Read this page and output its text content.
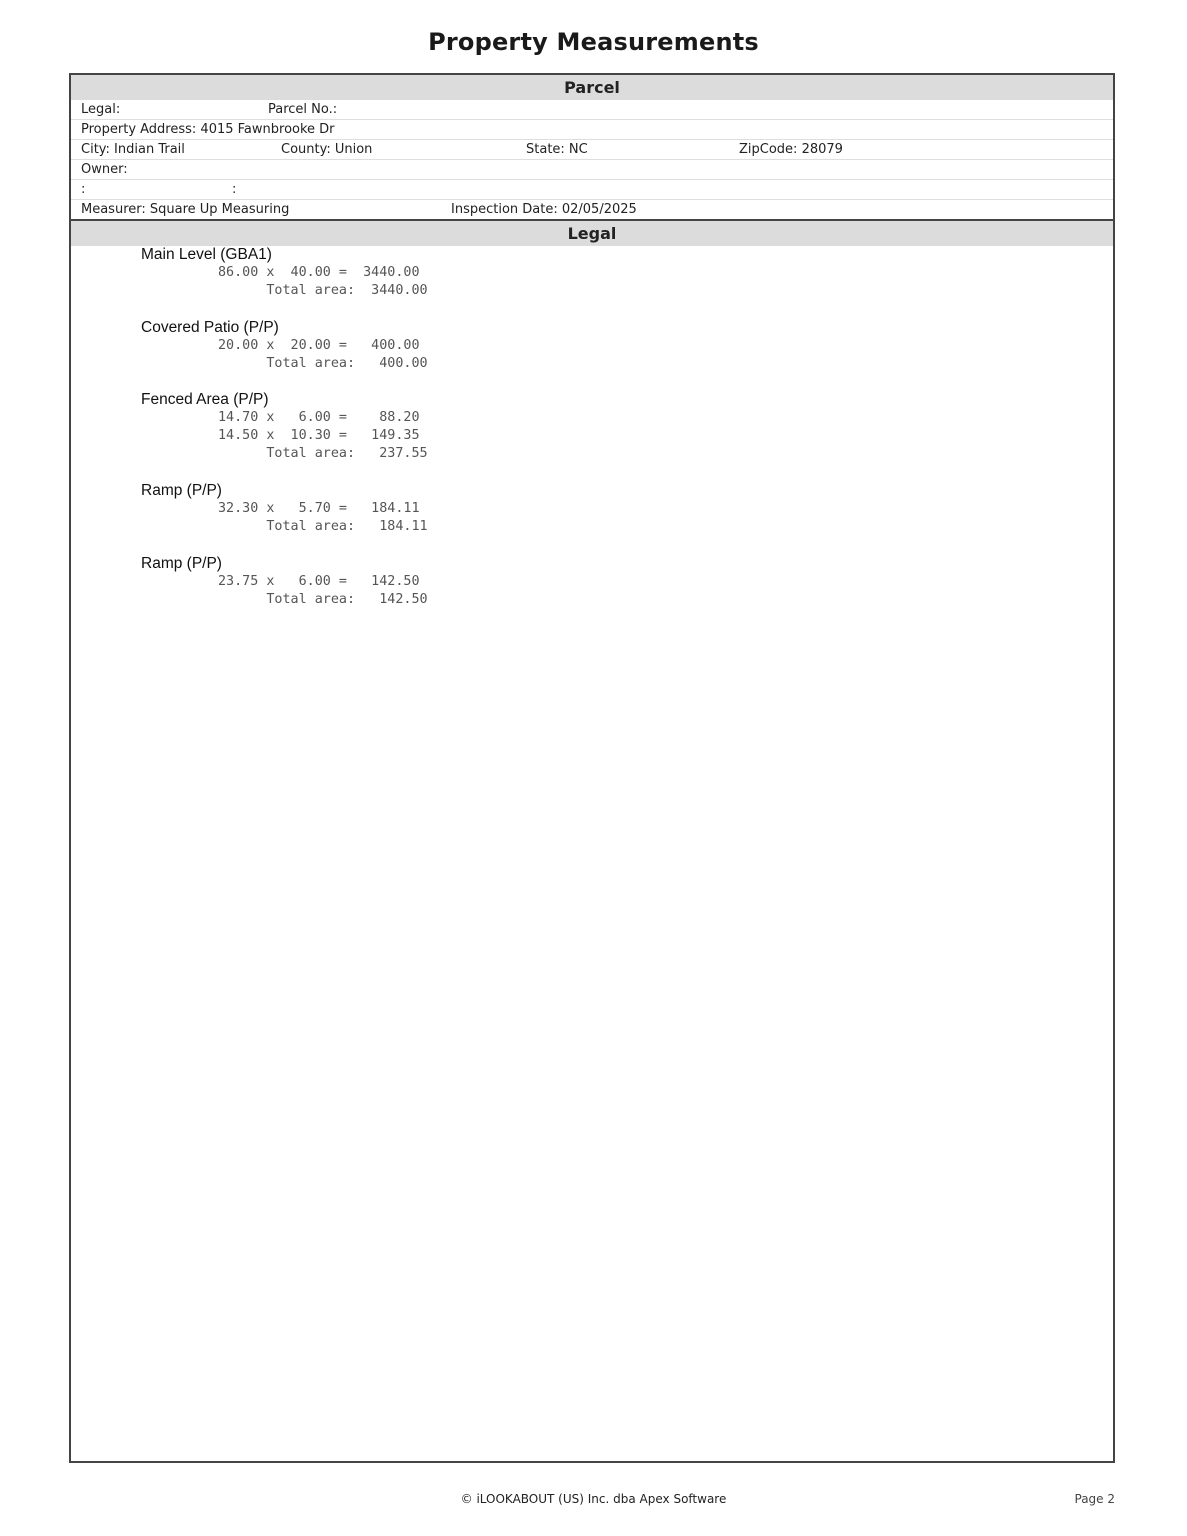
Property Measurements
Parcel
Legal:	Parcel No.:
Property Address: 4015 Fawnbrooke Dr
City: Indian Trail	County: Union	State: NC	ZipCode: 28079
Owner:
:	:
Measurer: Square Up Measuring	Inspection Date: 02/05/2025
Legal
Main Level (GBA1)
86.00 x  40.00 =  3440.00
Total area:  3440.00
Covered Patio (P/P)
20.00 x  20.00 =   400.00
Total area:   400.00
Fenced Area (P/P)
14.70 x   6.00 =    88.20
14.50 x  10.30 =   149.35
Total area:   237.55
Ramp (P/P)
32.30 x   5.70 =   184.11
Total area:   184.11
Ramp (P/P)
23.75 x   6.00 =   142.50
Total area:   142.50
© iLOOKABOUT (US) Inc. dba Apex Software	Page 2
